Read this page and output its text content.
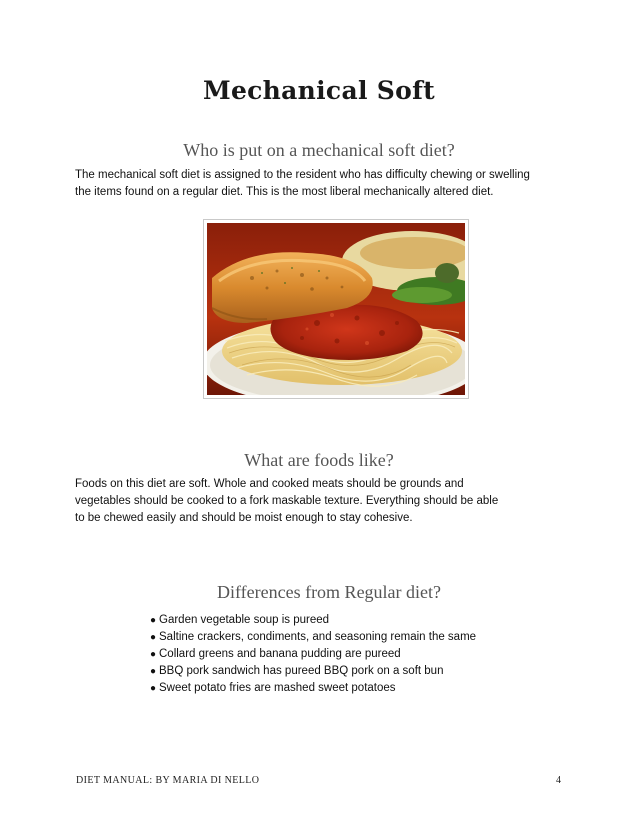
Mechanical Soft
Who is put on a mechanical soft diet?
The mechanical soft diet is assigned to the resident who has difficulty chewing or swelling
the items found on a regular diet. This is the most liberal mechanically altered diet.
What are foods like?
Foods on this diet are soft. Whole and cooked meats should be grounds and
vegetables should be cooked to a fork maskable texture. Everything should be able
to be chewed easily and should be moist enough to stay cohesive.
Differences from Regular diet?
● Garden vegetable soup is pureed
● Saltine crackers, condiments, and seasoning remain the same
● Collard greens and banana pudding are pureed
● BBQ pork sandwich has pureed BBQ pork on a soft bun
● Sweet potato fries are mashed sweet potatoes
DIET MANUAL: BY MARIA DI NELLO	4
